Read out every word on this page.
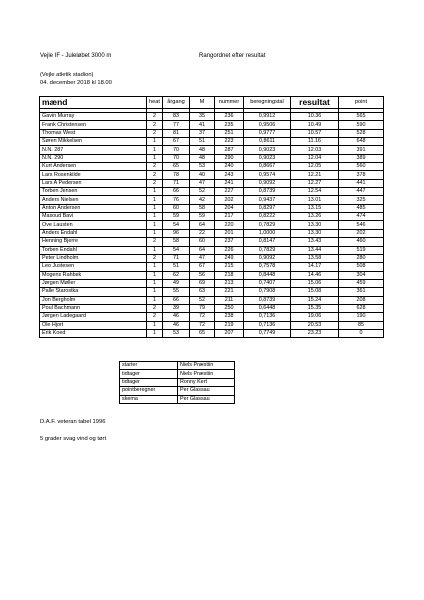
Vejle IF - Juleløbet 3000 m	Rangordnet efter resultat
(Vejle atletik stadion)
04. december 2018 kl 18.00
mænd	heat	årgang	M	nummer	beregningstal	resultat	point

Gavin Murray	2	83	35	236	0,9912	10.36	565
Frank Christensen	2	77	41	235	0,9506	10.49	590
Thomas West	2	81	37	251	0,9777	10.57	528
Søren Mikkelsen	1	67	51	223	0,8611	11.16	648
N.N. 287	1	70	48	287	0,9023	12.03	391
N.N. 290	1	70	48	290	0,9023	12.04	389
Kurt Andersen	2	65	53	240	0,8667	12.05	560
Lars Rosenkilde	2	78	40	243	0,9574	12.21	378
Lars A Pedersen	2	71	47	241	0,9092	12.27	441
Torben Jensen	1	66	52	227	0,8739	12.54	447
Anders Nielsen	1	76	42	202	0,9437	13.01	325
Anton Andersen	1	60	58	204	0,8297	13.15	485
Masoud Bavi	1	59	59	217	0,8222	13.26	474
Ove Lausten	1	54	64	220	0,7829	13.30	546
Anders Endahl	1	96	22	201	1,0000	13.30	202
Henning Bjerre	2	58	60	237	0,8147	13.43	460
Torben Endahl	1	54	64	226	0,7829	13.44	519
Peter Lindholm	2	71	47	249	0,9092	13.58	280
Leo Justesen	1	51	67	215	0,7578	14.17	508
Mogens Rahbek	1	62	56	218	0,8448	14.46	304
Jørgen Møller	1	49	69	213	0,7407	15.06	459
Palle Starostka	1	55	63	221	0,7908	15.08	361
Jon Bergholm	1	66	52	211	0,8739	15.24	208
Poul Bachmann	2	39	79	250	0,6448	15.35	628
Jørgen Ladegaard	2	46	72	238	0,7136	19.06	190
Ole Hjort	1	46	72	219	0,7136	20.53	85
Erik Koed	1	53	65	207	0,7749	23.23	0
starter	Niels Præstiin
tidtager	Niels Præstiin
tidtager	Ronny Kert
pointberegner	Per Glassau
skema	Per Glassau
D.A.F. veteran tabel 1996
5 grader svag vind og tørt
